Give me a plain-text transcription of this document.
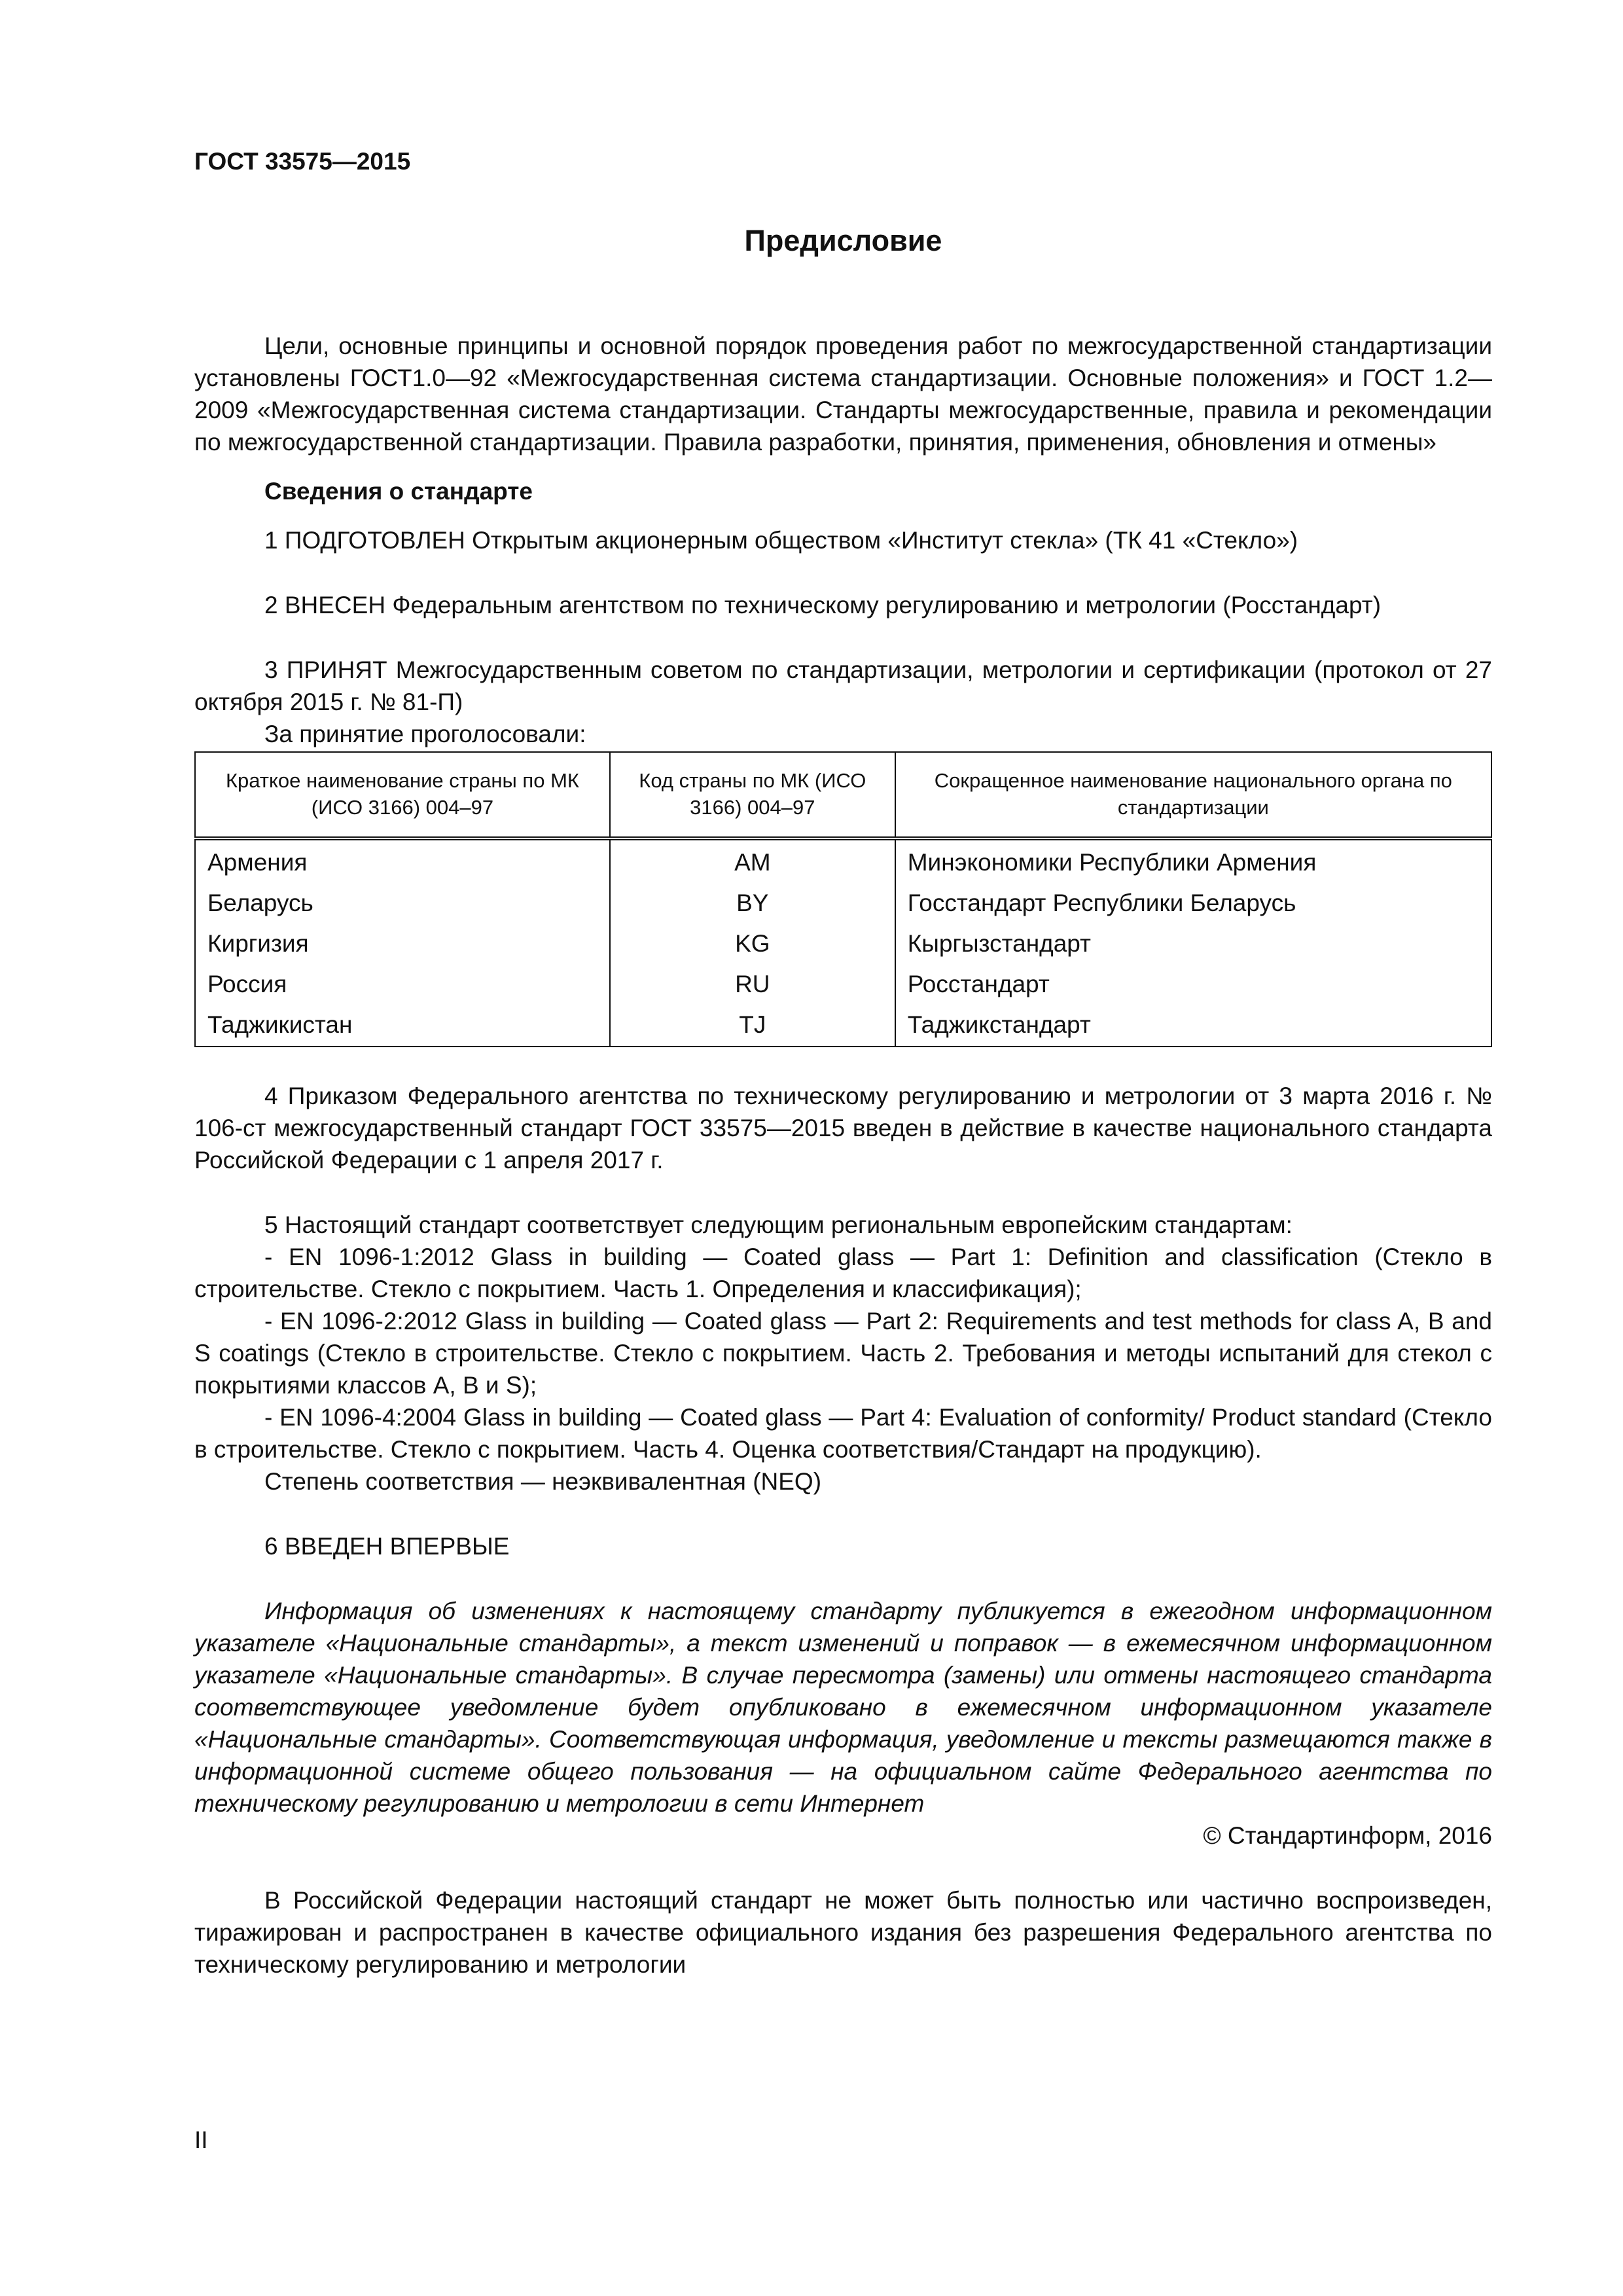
ГОСТ 33575—2015
Предисловие

Цели, основные принципы и основной порядок проведения работ по межгосударственной стандартизации установлены ГОСТ1.0—92 «Межгосударственная система стандартизации. Основные положения» и ГОСТ 1.2—2009 «Межгосударственная система стандартизации. Стандарты межгосударственные, правила и рекомендации по межгосударственной стандартизации. Правила разработки, принятия, применения, обновления и отмены»

Сведения о стандарте

1 ПОДГОТОВЛЕН Открытым акционерным обществом «Институт стекла» (ТК 41 «Стекло»)

2 ВНЕСЕН Федеральным агентством по техническому регулированию и метрологии (Росстандарт)

3 ПРИНЯТ Межгосударственным советом по стандартизации, метрологии и сертификации (протокол от 27 октября 2015 г. № 81-П)

За принятие проголосовали:

Краткое наименование страны по МК (ИСО 3166) 004–97	Код страны по МК (ИСО 3166) 004–97	Сокращенное наименование национального органа по стандартизации
Армения	AM	Минэкономики Республики Армения
Беларусь	BY	Госстандарт Республики Беларусь
Киргизия	KG	Кыргызстандарт
Россия	RU	Росстандарт
Таджикистан	TJ	Таджикстандарт

4 Приказом Федерального агентства по техническому регулированию и метрологии от 3 марта 2016 г. № 106-ст межгосударственный стандарт ГОСТ 33575—2015 введен в действие в качестве национального стандарта Российской Федерации с 1 апреля 2017 г.

5 Настоящий стандарт соответствует следующим региональным европейским стандартам:

- EN 1096-1:2012 Glass in building — Coated glass — Part 1: Definition and classification (Стекло в строительстве. Стекло с покрытием. Часть 1. Определения и классификация);

- EN 1096-2:2012 Glass in building — Coated glass — Part 2: Requirements and test methods for class A, B and S coatings (Стекло в строительстве. Стекло с покрытием. Часть 2. Требования и методы испытаний для стекол с покрытиями классов А, В и S);

- EN 1096-4:2004 Glass in building — Coated glass — Part 4: Evaluation of conformity/ Product standard (Стекло в строительстве. Стекло с покрытием. Часть 4. Оценка соответствия/Стандарт на продукцию).

Степень соответствия — неэквивалентная (NEQ)

6 ВВЕДЕН ВПЕРВЫЕ

Информация об изменениях к настоящему стандарту публикуется в ежегодном информационном указателе «Национальные стандарты», а текст изменений и поправок — в ежемесячном информационном указателе «Национальные стандарты». В случае пересмотра (замены) или отмены настоящего стандарта соответствующее уведомление будет опубликовано в ежемесячном информационном указателе «Национальные стандарты». Соответствующая информация, уведомление и тексты размещаются также в информационной системе общего пользования — на официальном сайте Федерального агентства по техническому регулированию и метрологии в сети Интернет

© Стандартинформ, 2016

В Российской Федерации настоящий стандарт не может быть полностью или частично воспроизведен, тиражирован и распространен в качестве официального издания без разрешения Федерального агентства по техническому регулированию и метрологии

II
